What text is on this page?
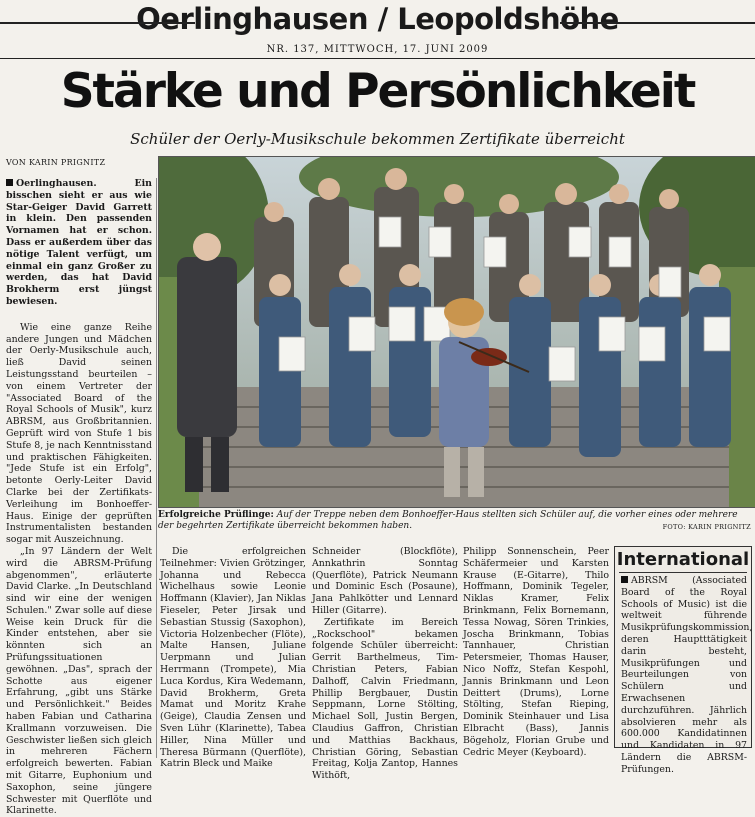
Oerlinghausen / Leopoldshöhe
NR. 137, MITTWOCH, 17. JUNI 2009
Stärke und Persönlichkeit
Schüler der Oerly-Musikschule bekommen Zertifikate überreicht
VON KARIN PRIGNITZ

Oerlinghausen. Ein bisschen sieht er aus wie Star-Geiger David Garrett in klein. Den passenden Vornamen hat er schon. Dass er außerdem über das nötige Talent verfügt, um einmal ein ganz Großer zu werden, das hat David Brokherm erst jüngst bewiesen.

Wie eine ganze Reihe andere Jungen und Mädchen der Oerly-Musikschule auch, ließ David seinen Leistungsstand beurteilen – von einem Vertreter der "Associated Board of the Royal Schools of Musik", kurz ABRSM, aus Großbritannien. Geprüft wird von Stufe 1 bis Stufe 8, je nach Kenntnisstand und praktischen Fähigkeiten. "Jede Stufe ist ein Erfolg", betonte Oerly-Leiter David Clarke bei der Zertifikats-Verleihung im Bonhoeffer-Haus. Einige der geprüften Instrumentalisten bestanden sogar mit Auszeichnung.

„In 97 Ländern der Welt wird die ABRSM-Prüfung abgenommen", erläuterte David Clarke. „In Deutschland sind wir eine der wenigen Schulen." Zwar solle auf diese Weise kein Druck für die Kinder entstehen, aber sie könnten sich an Prüfungssituationen gewöhnen. „Das", sprach der Schotte aus eigener Erfahrung, „gibt uns Stärke und Persönlichkeit." Beides haben Fabian und Catharina Krallmann vorzuweisen. Die Geschwister ließen sich gleich in mehreren Fächern erfolgreich bewerten. Fabian mit Gitarre, Euphonium und Saxophon, seine jüngere Schwester mit Querflöte und Klarinette.

Erfolgreiche Prüflinge: Auf der Treppe neben dem Bonhoeffer-Haus stellten sich Schüler auf, die vorher eines oder mehrere der begehrten Zertifikate überreicht bekommen haben.	FOTO: KARIN PRIGNITZ

Die erfolgreichen Teilnehmer: Vivien Grötzinger, Johanna und Rebecca Wichelhaus sowie Leonie Hoffmann (Klavier), Jan Niklas Fieseler, Peter Jirsak und Sebastian Stussig (Saxophon), Victoria Holzenbecher (Flöte), Malte Hansen, Juliane Uerpmann und Julian Herrmann (Trompete), Mia Luca Kordus, Kira Wedemann, David Brokherm, Greta Mamat und Moritz Krahe (Geige), Claudia Zensen und Sven Lühr (Klarinette), Tabea Hiller, Nina Müller und Theresa Bürmann (Querflöte), Katrin Bleck und Maike

Schneider (Blockflöte), Annkathrin Sonntag (Querflöte), Patrick Neumann und Dominic Esch (Posaune), Jana Pahlkötter und Lennard Hiller (Gitarre).

Zertifikate im Bereich „Rockschool" bekamen folgende Schüler überreicht: Gerrit Barthelmeus, Tim-Christian Peters, Fabian Dalhoff, Calvin Friedmann, Phillip Bergbauer, Dustin Seppmann, Lorne Stölting, Michael Soll, Justin Bergen, Claudius Gaffron, Christian und Matthias Backhaus, Christian Göring, Sebastian Freitag, Kolja Zantop, Hannes Withöft,

Philipp Sonnenschein, Peer Schäfermeier und Karsten Krause (E-Gitarre), Thilo Hoffmann, Dominik Tegeler, Niklas Kramer, Felix Brinkmann, Felix Bornemann, Tessa Nowag, Sören Trinkies, Joscha Brinkmann, Tobias Tannhauer, Christian Petersmeier, Thomas Hauser, Nico Noffz, Stefan Kespohl, Jannis Brinkmann und Leon Deittert (Drums), Lorne Stölting, Stefan Rieping, Dominik Steinhauer und Lisa Elbracht (Bass), Jannis Bögeholz, Florian Grube und Cedric Meyer (Keyboard).

International
ABRSM (Associated Board of the Royal Schools of Music) ist die weltweit führende Musikprüfungskommission, deren Hauptttätigkeit darin besteht, Musikprüfungen und Beurteilungen von Schülern und Erwachsenen durchzuführen. Jährlich absolvieren mehr als 600.000 Kandidatinnen und Kandidaten in 97 Ländern die ABRSM-Prüfungen.
